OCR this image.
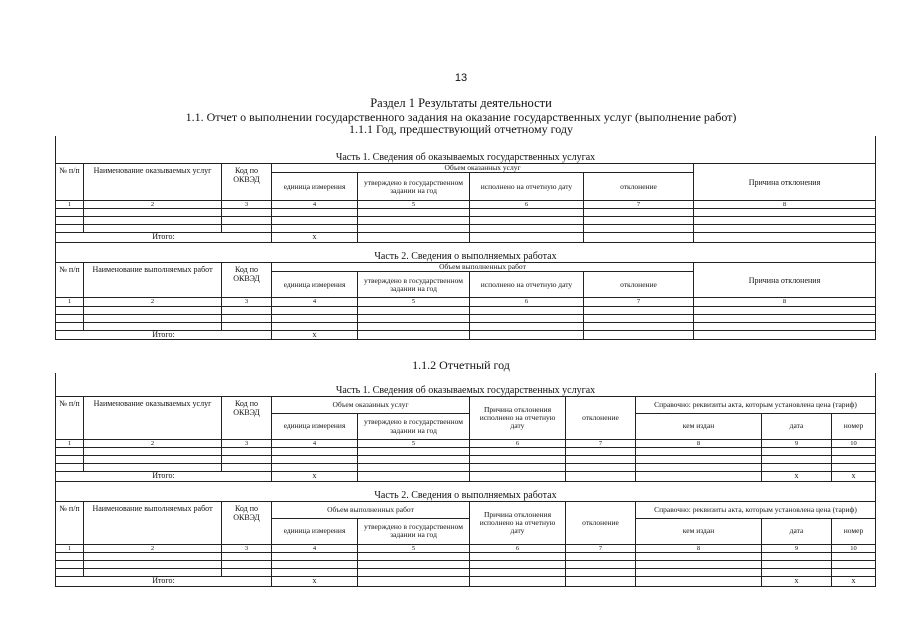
13
Раздел 1 Результаты деятельности
1.1. Отчет о выполнении государственного задания на оказание государственных услуг (выполнение работ)
1.1.1 Год, предшествующий отчетному году

Часть 1. Сведения об оказываемых государственных услугах							
№ п/п	Наименование оказываемых услуг	Код по ОКВЭД	Объем оказанных услуг				Причина отклонения
			единица измерения	утверждено в государственном задании на год	исполнено на отчетную дату	отклонение	
1	2	3	4	5	6	7	8

Итого:			х				

Часть 2. Сведения о выполняемых работах							
№ п/п	Наименование выполняемых работ	Код по ОКВЭД	Объем выполненных работ				Причина отклонения
			единица измерения	утверждено в государственном задании на год	исполнено на отчетную дату	отклонение	
1	2	3	4	5	6	7	8

Итого:			х				
1.1.2 Отчетный год

Часть 1. Сведения об оказываемых государственных услугах									
№ п/п	Наименование оказываемых услуг	Код по ОКВЭД	Объем оказанных услуг		Причина отклонения исполнено на отчетную дату	отклонение	Справочно: реквизиты акта, которым установлена цена (тариф)		
			единица измерения	утверждено в государственном задании на год			кем издан	дата	номер
1	2	3	4	5	6	7	8	9	10

Итого:			х					х	х

Часть 2. Сведения о выполняемых работах									
№ п/п	Наименование выполняемых работ	Код по ОКВЭД	Объем выполненных работ		Причина отклонения исполнено на отчетную дату	отклонение	Справочно: реквизиты акта, которым установлена цена (тариф)		
			единица измерения	утверждено в государственном задании на год			кем издан	дата	номер
1	2	3	4	5	6	7	8	9	10

Итого:			х					х	х
